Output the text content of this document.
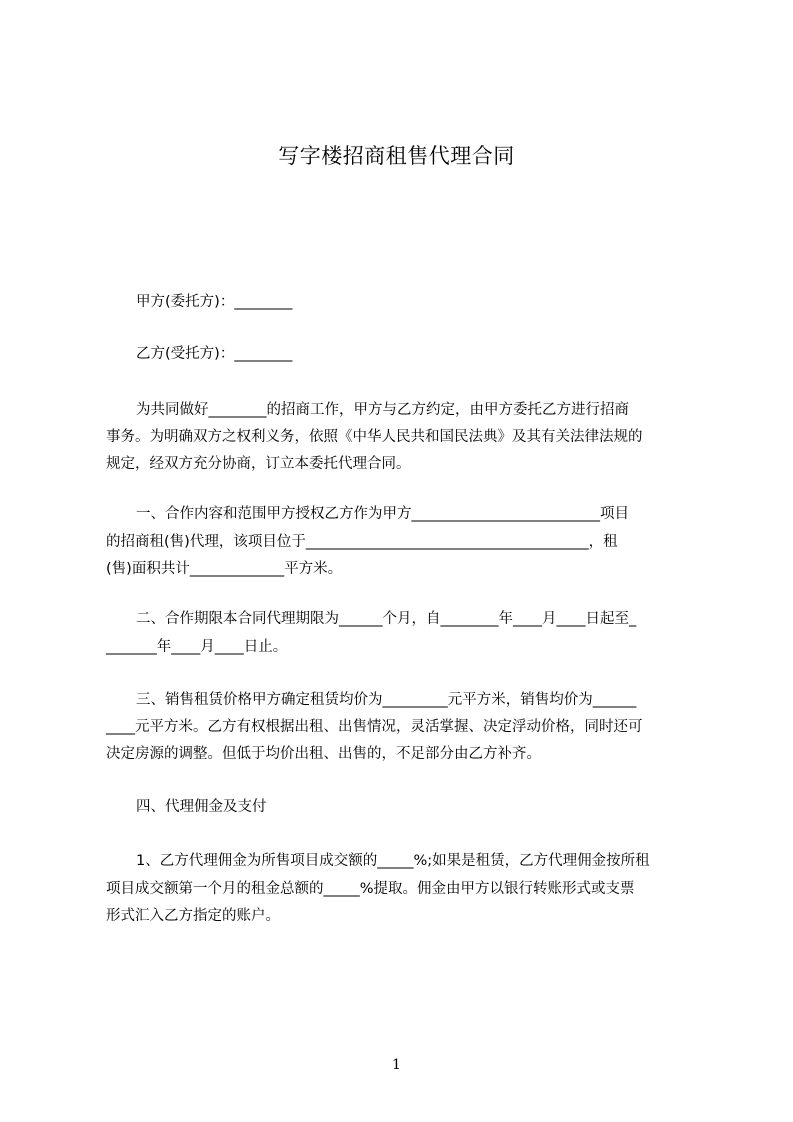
写字楼招商租售代理合同
甲方(委托方)：________
乙方(受托方)：________
为共同做好________的招商工作，甲方与乙方约定，由甲方委托乙方进行招商
事务。为明确双方之权利义务，依照《中华人民共和国民法典》及其有关法律法规的
规定，经双方充分协商，订立本委托代理合同。
一、合作内容和范围甲方授权乙方作为甲方__________________________项目
的招商租(售)代理，该项目位于_______________________________________，租
(售)面积共计_____________平方米。
二、合作期限本合同代理期限为______个月，自________年____月____日起至_
_______年____月____日止。
三、销售租赁价格甲方确定租赁均价为_________元平方米，销售均价为______
____元平方米。乙方有权根据出租、出售情况，灵活掌握、决定浮动价格，同时还可
决定房源的调整。但低于均价出租、出售的，不足部分由乙方补齐。
四、代理佣金及支付
1、乙方代理佣金为所售项目成交额的_____%;如果是租赁，乙方代理佣金按所租
项目成交额第一个月的租金总额的_____%提取。佣金由甲方以银行转账形式或支票
形式汇入乙方指定的账户。
1
